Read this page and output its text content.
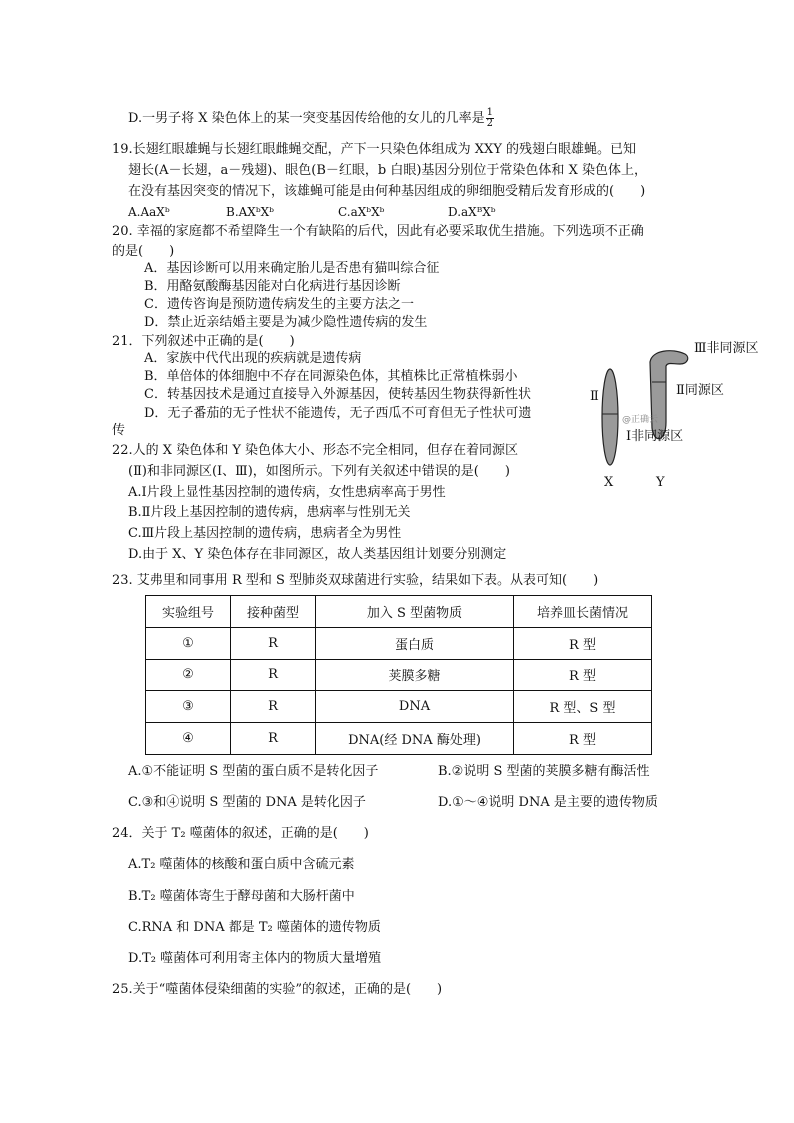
D.一男子将 X 染色体上的某一突变基因传给他的女儿的几率是 $\frac{1}{2}$
19.长翅红眼雄蝇与长翅红眼雌蝇交配，产下一只染色体组成为 XXY 的残翅白眼雄蝇。已知
翅长(A－长翅，a－残翅)、眼色(B－红眼，b 白眼)基因分别位于常染色体和 X 染色体上，
在没有基因突变的情况下，该雄蝇可能是由何种基因组成的卵细胞受精后发育形成的(　　)
A.AaXᵇ	B.AXᵇXᵇ	C.aXᵇXᵇ	D.aXᴮXᵇ
20. 幸福的家庭都不希望降生一个有缺陷的后代，因此有必要采取优生措施。下列选项不正确
的是(　　)
A．基因诊断可以用来确定胎儿是否患有猫叫综合征
B．用酪氨酸酶基因能对白化病进行基因诊断
C．遗传咨询是预防遗传病发生的主要方法之一
D．禁止近亲结婚主要是为减少隐性遗传病的发生
21．下列叙述中正确的是(　　)
A．家族中代代出现的疾病就是遗传病
B．单倍体的体细胞中不存在同源染色体，其植株比正常植株弱小
C．转基因技术是通过直接导入外源基因，使转基因生物获得新性状
D．无子番茄的无子性状不能遗传，无子西瓜不可育但无子性状可遗
传
22.人的 X 染色体和 Y 染色体大小、形态不完全相同，但存在着同源区
(Ⅱ)和非同源区(Ⅰ、Ⅲ)，如图所示。下列有关叙述中错误的是(　　)
A.Ⅰ片段上显性基因控制的遗传病，女性患病率高于男性
B.Ⅱ片段上基因控制的遗传病，患病率与性别无关
C.Ⅲ片段上基因控制的遗传病，患病者全为男性
D.由于 X、Y 染色体存在非同源区，故人类基因组计划要分别测定
Ⅲ非同源区
Ⅱ	Ⅱ同源区
@正确云
Ⅰ非同源区
X	Y
23. 艾弗里和同事用 R 型和 S 型肺炎双球菌进行实验，结果如下表。从表可知(　　)
实验组号	接种菌型	加入 S 型菌物质	培养皿长菌情况
①	R	蛋白质	R 型
②	R	荚膜多糖	R 型
③	R	DNA	R 型、S 型
④	R	DNA(经 DNA 酶处理)	R 型
A.①不能证明 S 型菌的蛋白质不是转化因子	B.②说明 S 型菌的荚膜多糖有酶活性
C.③和④说明 S 型菌的 DNA 是转化因子	D.①～④说明 DNA 是主要的遗传物质
24．关于 T₂ 噬菌体的叙述，正确的是(　　)
A.T₂ 噬菌体的核酸和蛋白质中含硫元素
B.T₂ 噬菌体寄生于酵母菌和大肠杆菌中
C.RNA 和 DNA 都是 T₂ 噬菌体的遗传物质
D.T₂ 噬菌体可利用寄主体内的物质大量增殖
25.关于“噬菌体侵染细菌的实验”的叙述，正确的是(　　)
